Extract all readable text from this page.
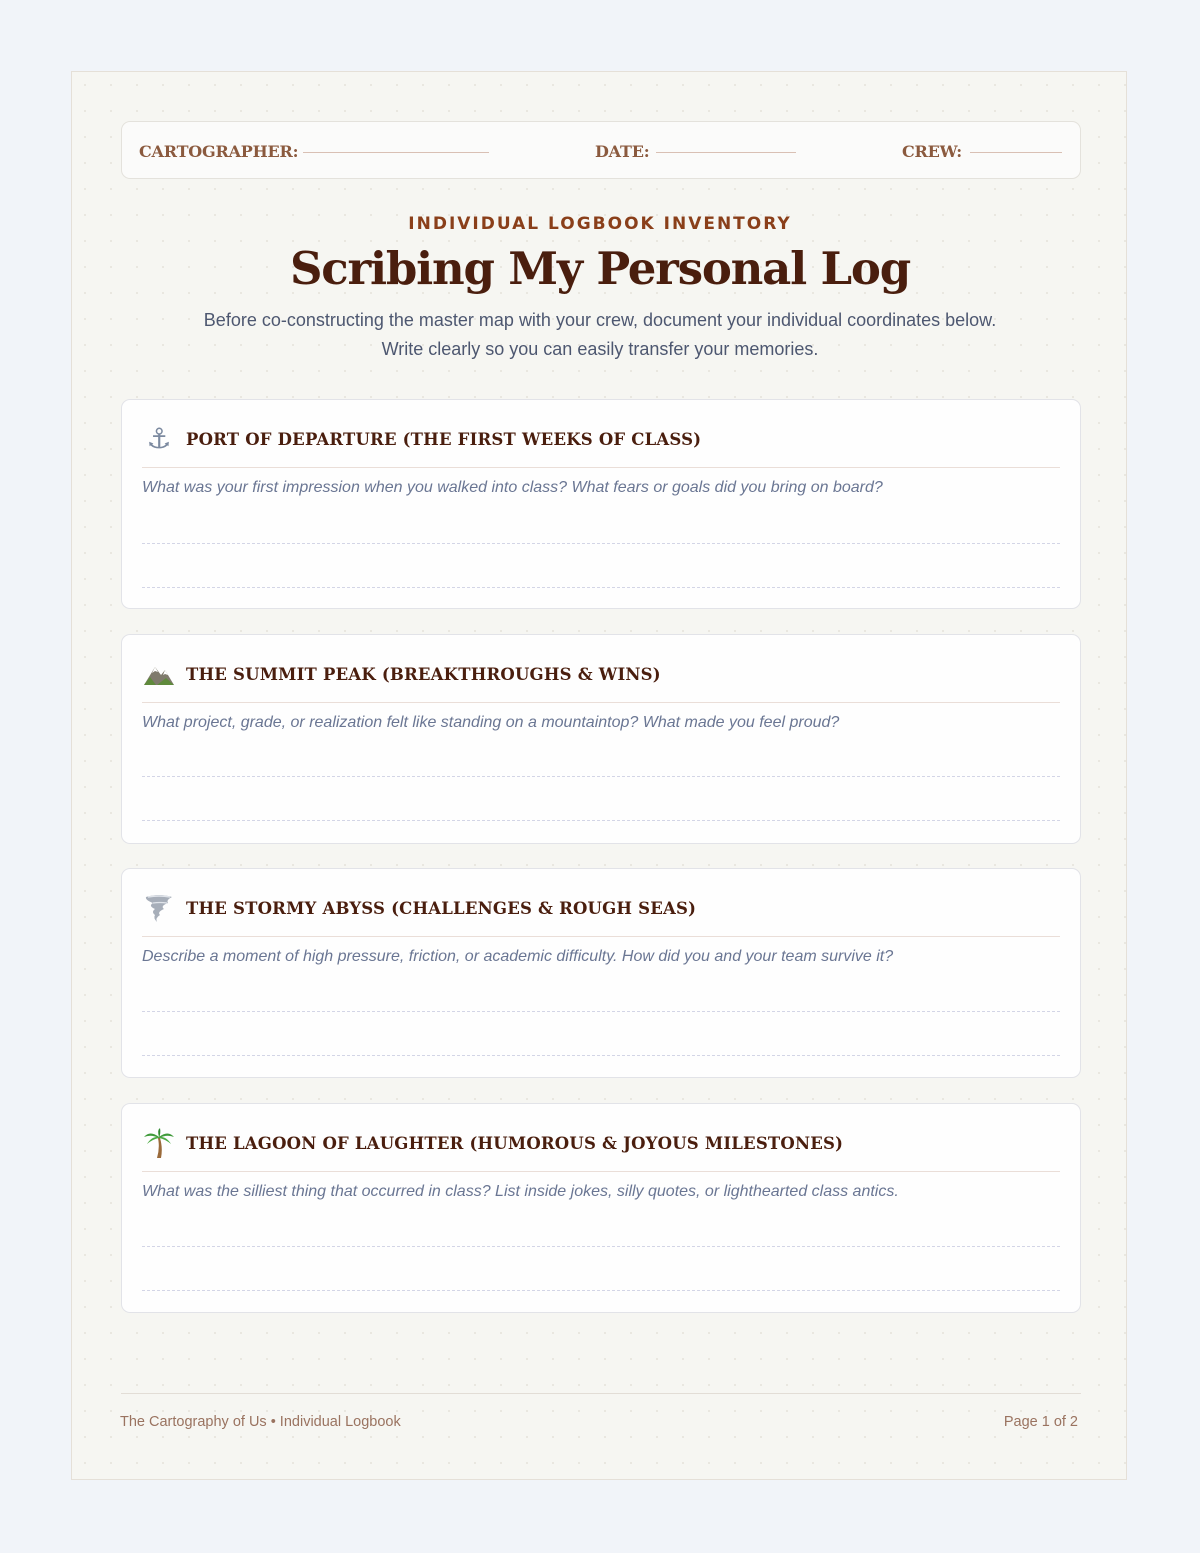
CARTOGRAPHER:	DATE:	CREW:
INDIVIDUAL LOGBOOK INVENTORY
Scribing My Personal Log
Before co-constructing the master map with your crew, document your individual coordinates below. Write clearly so you can easily transfer your memories.
⚓ PORT OF DEPARTURE (THE FIRST WEEKS OF CLASS)
What was your first impression when you walked into class? What fears or goals did you bring on board?
THE SUMMIT PEAK (BREAKTHROUGHS & WINS)
What project, grade, or realization felt like standing on a mountaintop? What made you feel proud?
THE STORMY ABYSS (CHALLENGES & ROUGH SEAS)
Describe a moment of high pressure, friction, or academic difficulty. How did you and your team survive it?
THE LAGOON OF LAUGHTER (HUMOROUS & JOYOUS MILESTONES)
What was the silliest thing that occurred in class? List inside jokes, silly quotes, or lighthearted class antics.
The Cartography of Us • Individual Logbook	Page 1 of 2
